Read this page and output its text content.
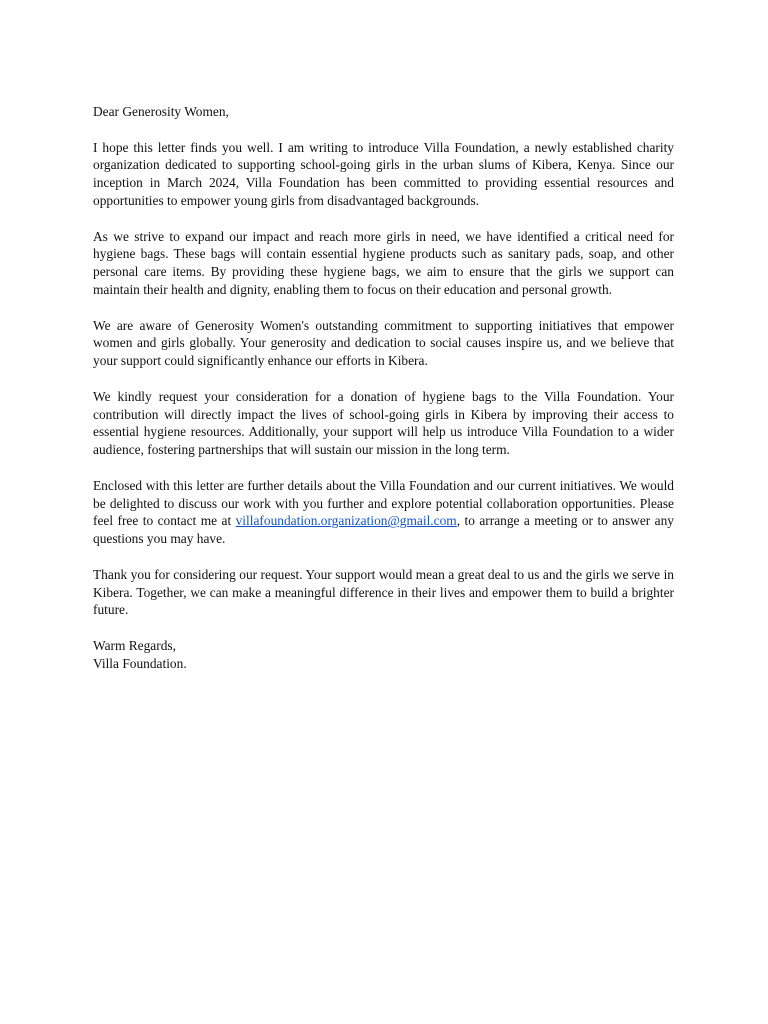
Dear Generosity Women,

I hope this letter finds you well. I am writing to introduce Villa Foundation, a newly established charity organization dedicated to supporting school-going girls in the urban slums of Kibera, Kenya. Since our inception in March 2024, Villa Foundation has been committed to providing essential resources and opportunities to empower young girls from disadvantaged backgrounds.

As we strive to expand our impact and reach more girls in need, we have identified a critical need for hygiene bags. These bags will contain essential hygiene products such as sanitary pads, soap, and other personal care items. By providing these hygiene bags, we aim to ensure that the girls we support can maintain their health and dignity, enabling them to focus on their education and personal growth.

We are aware of Generosity Women's outstanding commitment to supporting initiatives that empower women and girls globally. Your generosity and dedication to social causes inspire us, and we believe that your support could significantly enhance our efforts in Kibera.

We kindly request your consideration for a donation of hygiene bags to the Villa Foundation. Your contribution will directly impact the lives of school-going girls in Kibera by improving their access to essential hygiene resources. Additionally, your support will help us introduce Villa Foundation to a wider audience, fostering partnerships that will sustain our mission in the long term.

Enclosed with this letter are further details about the Villa Foundation and our current initiatives. We would be delighted to discuss our work with you further and explore potential collaboration opportunities. Please feel free to contact me at villafoundation.organization@gmail.com, to arrange a meeting or to answer any questions you may have.

Thank you for considering our request. Your support would mean a great deal to us and the girls we serve in Kibera. Together, we can make a meaningful difference in their lives and empower them to build a brighter future.

Warm Regards,

Villa Foundation.
